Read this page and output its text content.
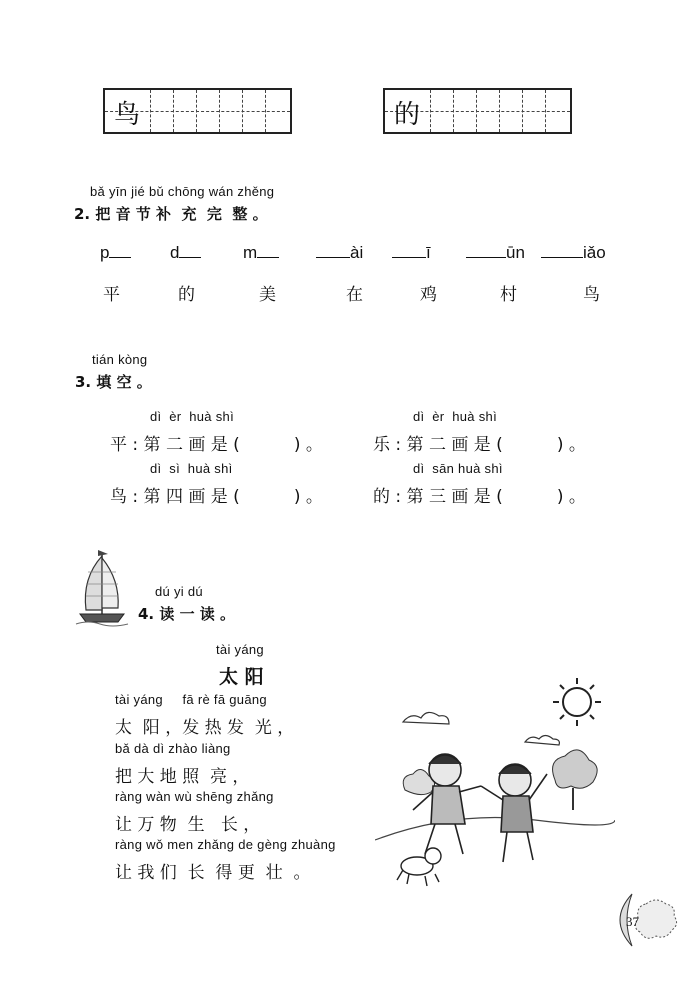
鸟	的
bǎ yīn jié bǔ chōng wán zhěng
2. 把 音 节 补  充  完  整 。
p	d	m	ài	ī	ūn	iǎo
平	的	美	在	鸡	村	鸟
tián kòng
3. 填 空 。
dì  èr  huà shì
平 : 第 二 画 是 (          ) 。
dì  èr  huà shì
乐 : 第 二 画 是 (          ) 。
dì  sì  huà shì
鸟 : 第 四 画 是 (          ) 。
dì  sān huà shì
的 : 第 三 画 是 (          ) 。
dú yi dú
4. 读 一 读 。
tài yáng
太 阳
tài yáng     fā rè fā guāng
太  阳 ，发 热 发  光 ，
bǎ dà dì zhào liàng
把 大 地 照  亮 ，
ràng wàn wù shēng zhǎng
让 万 物  生   长 ，
ràng wǒ men zhǎng de gèng zhuàng
让 我 们  长  得 更  壮  。
37
